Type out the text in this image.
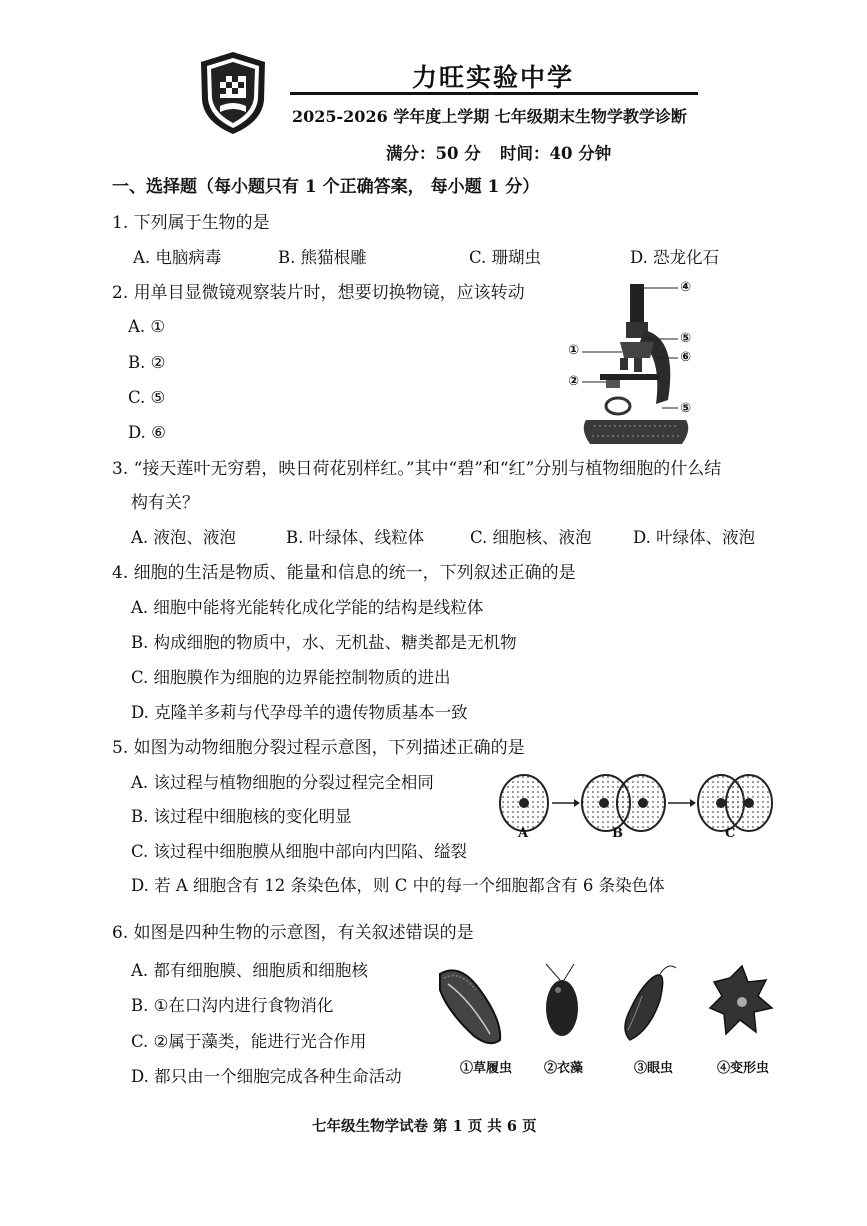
力旺实验中学
2025-2026 学年度上学期 七年级期末生物学教学诊断
满分：50 分 时间：40 分钟
一、选择题（每小题只有 1 个正确答案， 每小题 1 分）
1. 下列属于生物的是
A. 电脑病毒	B. 熊猫根雕	C. 珊瑚虫	D. 恐龙化石
2. 用单目显微镜观察装片时，想要切换物镜，应该转动
A. ①
B. ②
C. ⑤
D. ⑥
④
⑤
⑥
①
②
⑤
3. “接天莲叶无穷碧，映日荷花别样红。”其中“碧”和“红”分别与植物细胞的什么结
构有关？
A. 液泡、液泡	B. 叶绿体、线粒体	C. 细胞核、液泡	D. 叶绿体、液泡
4. 细胞的生活是物质、能量和信息的统一，下列叙述正确的是
A. 细胞中能将光能转化成化学能的结构是线粒体
B. 构成细胞的物质中，水、无机盐、糖类都是无机物
C. 细胞膜作为细胞的边界能控制物质的进出
D. 克隆羊多莉与代孕母羊的遗传物质基本一致
5. 如图为动物细胞分裂过程示意图，下列描述正确的是
A. 该过程与植物细胞的分裂过程完全相同
B. 该过程中细胞核的变化明显
C. 该过程中细胞膜从细胞中部向内凹陷、缢裂
D. 若 A 细胞含有 12 条染色体，则 C 中的每一个细胞都含有 6 条染色体
A	B	C
6. 如图是四种生物的示意图，有关叙述错误的是
A. 都有细胞膜、细胞质和细胞核
B. ①在口沟内进行食物消化
C. ②属于藻类，能进行光合作用
D. 都只由一个细胞完成各种生命活动	①草履虫 ②衣藻	③眼虫	④变形虫
七年级生物学试卷 第 1 页 共 6 页
